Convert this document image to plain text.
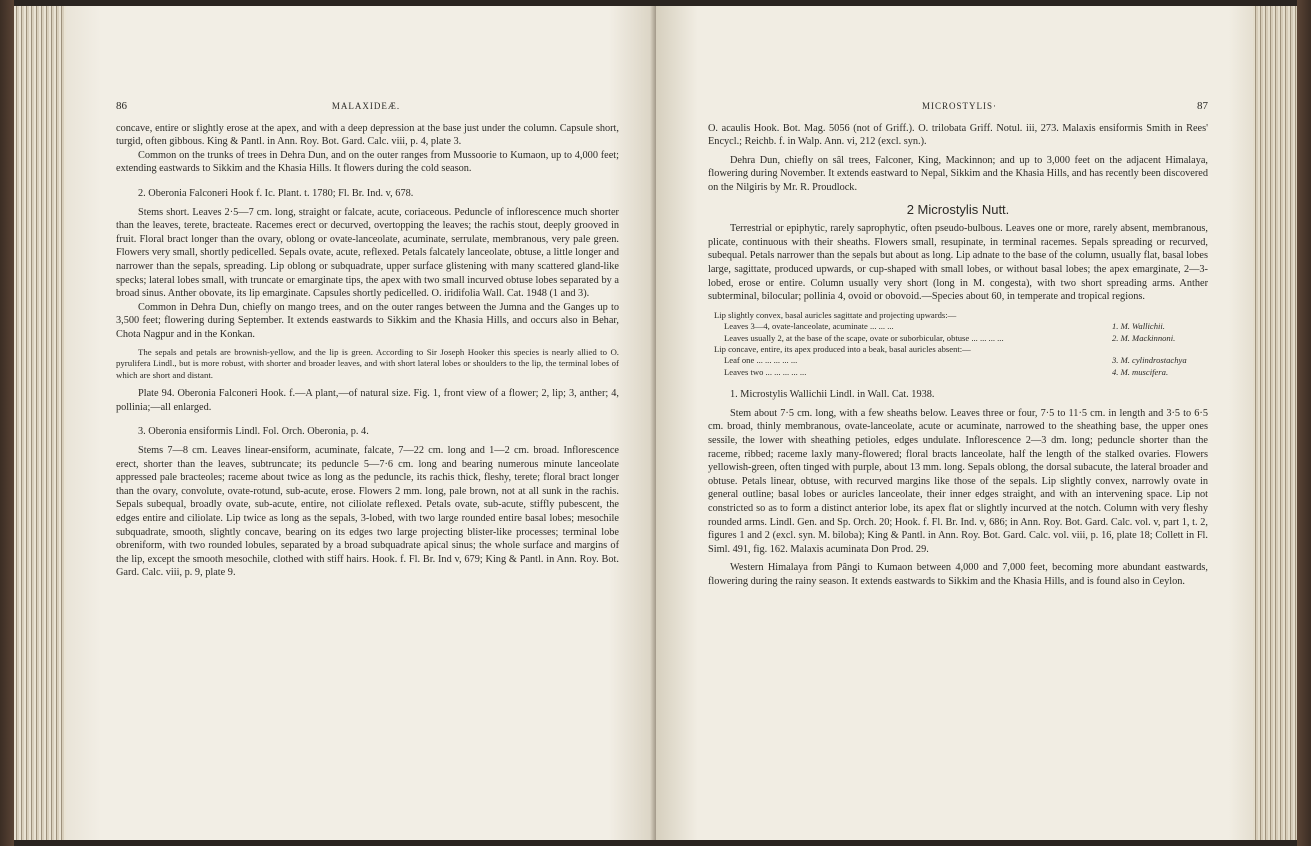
86	MALAXIDEÆ.

concave, entire or slightly erose at the apex, and with a deep depression at the base just under the column. Capsule short, turgid, often gibbous. King & Pantl. in Ann. Roy. Bot. Gard. Calc. viii, p. 4, plate 3.

Common on the trunks of trees in Dehra Dun, and on the outer ranges from Mussoorie to Kumaon, up to 4,000 feet; extending eastwards to Sikkim and the Khasia Hills. It flowers during the cold season.

2. Oberonia Falconeri Hook f. Ic. Plant. t. 1780; Fl. Br. Ind. v, 678.

Stems short. Leaves 2·5—7 cm. long, straight or falcate, acute, coriaceous. Peduncle of inflorescence much shorter than the leaves, terete, bracteate. Racemes erect or decurved, overtopping the leaves; the rachis stout, deeply grooved in fruit. Floral bract longer than the ovary, oblong or ovate-lanceolate, acuminate, serrulate, membranous, very pale green. Flowers very small, shortly pedicelled. Sepals ovate, acute, reflexed. Petals falcately lanceolate, obtuse, a little longer and narrower than the sepals, spreading. Lip oblong or subquadrate, upper surface glistening with many scattered gland-like specks; lateral lobes small, with truncate or emarginate tips, the apex with two small incurved obtuse lobes separated by a broad sinus. Anther obovate, its lip emarginate. Capsules shortly pedicelled. O. iridifolia Wall. Cat. 1948 (1 and 3).

Common in Dehra Dun, chiefly on mango trees, and on the outer ranges between the Jumna and the Ganges up to 3,500 feet; flowering during September. It extends eastwards to Sikkim and the Khasia Hills, and occurs also in Behar, Chota Nagpur and in the Konkan.

The sepals and petals are brownish-yellow, and the lip is green. According to Sir Joseph Hooker this species is nearly allied to O. pyrulifera Lindl., but is more robust, with shorter and broader leaves, and with short lateral lobes or shoulders to the lip, the terminal lobes of which are short and distant.

Plate 94. Oberonia Falconeri Hook. f.—A plant,—of natural size. Fig. 1, front view of a flower; 2, lip; 3, anther; 4, pollinia;—all enlarged.

3. Oberonia ensiformis Lindl. Fol. Orch. Oberonia, p. 4.

Stems 7—8 cm. Leaves linear-ensiform, acuminate, falcate, 7—22 cm. long and 1—2 cm. broad. Inflorescence erect, shorter than the leaves, subtruncate; its peduncle 5—7·6 cm. long and bearing numerous minute lanceolate appressed pale bracteoles; raceme about twice as long as the peduncle, its rachis thick, fleshy, terete; floral bract longer than the ovary, convolute, ovate-rotund, sub-acute, erose. Flowers 2 mm. long, pale brown, not at all sunk in the rachis. Sepals subequal, broadly ovate, sub-acute, entire, not ciliolate reflexed. Petals ovate, sub-acute, stiffly pubescent, the edges entire and ciliolate. Lip twice as long as the sepals, 3-lobed, with two large rounded entire basal lobes; mesochile subquadrate, smooth, slightly concave, bearing on its edges two large projecting blister-like processes; terminal lobe obreniform, with two rounded lobules, separated by a broad subquadrate apical sinus; the whole surface and margins of the lip, except the smooth mesochile, clothed with stiff hairs. Hook. f. Fl. Br. Ind v, 679; King & Pantl. in Ann. Roy. Bot. Gard. Calc. viii, p. 9, plate 9.

MICROSTYLIS·	87

O. acaulis Hook. Bot. Mag. 5056 (not of Griff.). O. trilobata Griff. Notul. iii, 273. Malaxis ensiformis Smith in Rees' Encycl.; Reichb. f. in Walp. Ann. vi, 212 (excl. syn.).

Dehra Dun, chiefly on sâl trees, Falconer, King, Mackinnon; and up to 3,000 feet on the adjacent Himalaya, flowering during November. It extends eastward to Nepal, Sikkim and the Khasia Hills, and has recently been discovered on the Nilgiris by Mr. R. Proudlock.

2 Microstylis Nutt.

Terrestrial or epiphytic, rarely saprophytic, often pseudo-bulbous. Leaves one or more, rarely absent, membranous, plicate, continuous with their sheaths. Flowers small, resupinate, in terminal racemes. Sepals spreading or recurved, subequal. Petals narrower than the sepals but about as long. Lip adnate to the base of the column, usually flat, basal lobes large, sagittate, produced upwards, or cup-shaped with small lobes, or without basal lobes; the apex emarginate, 2—3-lobed, erose or entire. Column usually very short (long in M. congesta), with two short spreading arms. Anther subterminal, bilocular; pollinia 4, ovoid or obovoid.—Species about 60, in temperate and tropical regions.

Lip slightly convex, basal auricles sagittate and projecting upwards:—
Leaves 3—4, ovate-lanceolate, acuminate ... ... ...	1. M. Wallichii.
Leaves usually 2, at the base of the scape, ovate or suborbicular, obtuse ... ... ... ...	2. M. Mackinnoni.
Lip concave, entire, its apex produced into a beak, basal auricles absent:—
Leaf one ... ... ... ... ...	3. M. cylindrostachya
Leaves two ... ... ... ... ...	4. M. muscifera.

1. Microstylis Wallichii Lindl. in Wall. Cat. 1938.

Stem about 7·5 cm. long, with a few sheaths below. Leaves three or four, 7·5 to 11·5 cm. in length and 3·5 to 6·5 cm. broad, thinly membranous, ovate-lanceolate, acute or acuminate, narrowed to the sheathing base, the upper ones sessile, the lower with sheathing petioles, edges undulate. Inflorescence 2—3 dm. long; peduncle shorter than the raceme, ribbed; raceme laxly many-flowered; floral bracts lanceolate, half the length of the stalked ovaries. Flowers yellowish-green, often tinged with purple, about 13 mm. long. Sepals oblong, the dorsal subacute, the lateral broader and obtuse. Petals linear, obtuse, with recurved margins like those of the sepals. Lip slightly convex, narrowly ovate in general outline; basal lobes or auricles lanceolate, their inner edges straight, and with an intervening space. Lip not constricted so as to form a distinct anterior lobe, its apex flat or slightly incurved at the notch. Column with very fleshy rounded arms. Lindl. Gen. and Sp. Orch. 20; Hook. f. Fl. Br. Ind. v, 686; in Ann. Roy. Bot. Gard. Calc. vol. v, part 1, t. 2, figures 1 and 2 (excl. syn. M. biloba); King & Pantl. in Ann. Roy. Bot. Gard. Calc. vol. viii, p. 16, plate 18; Collett in Fl. Siml. 491, fig. 162. Malaxis acuminata Don Prod. 29.

Western Himalaya from Pângi to Kumaon between 4,000 and 7,000 feet, becoming more abundant eastwards, flowering during the rainy season. It extends eastwards to Sikkim and the Khasia Hills, and is found also in Ceylon.
